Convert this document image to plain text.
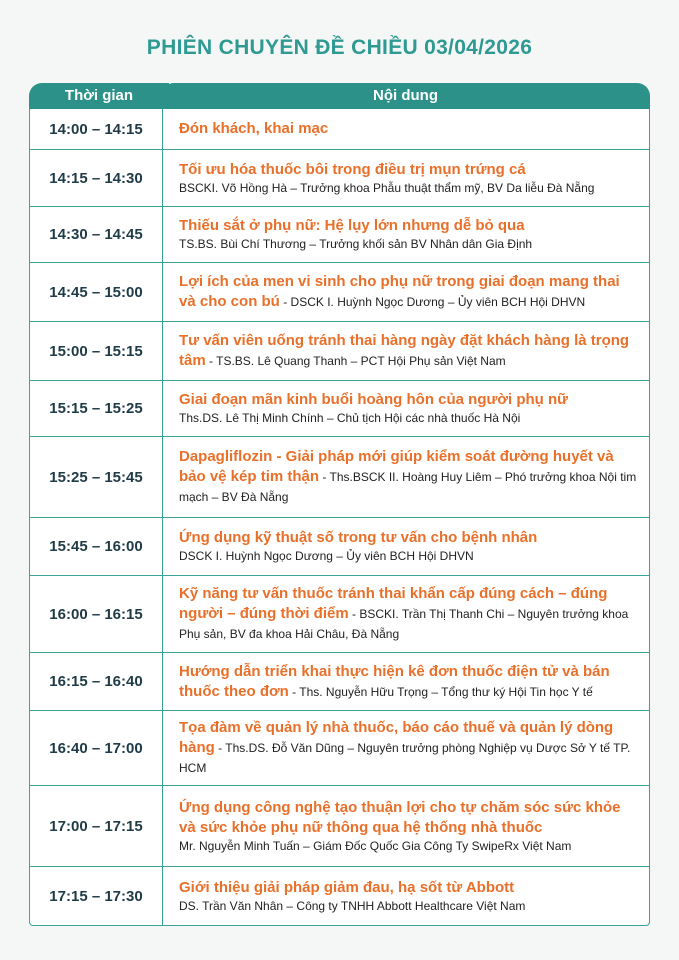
PHIÊN CHUYÊN ĐỀ CHIỀU 03/04/2026
Nội dung
Thời gian
14:00 – 14:15	Đón khách, khai mạc
14:15 – 14:30
Tối ưu hóa thuốc bôi trong điều trị mụn trứng cá
BSCKI. Võ Hồng Hà – Trưởng khoa Phẫu thuật thẩm mỹ, BV Da liễu Đà Nẵng
14:30 – 14:45
Thiếu sắt ở phụ nữ: Hệ lụy lớn nhưng dễ bỏ qua
TS.BS. Bùi Chí Thương – Trưởng khối sản BV Nhân dân Gia Định
14:45 – 15:00
Lợi ích của men vi sinh cho phụ nữ trong giai đoạn mang thai và cho con bú - DSCK I. Huỳnh Ngọc Dương – Ủy viên BCH Hội DHVN
15:00 – 15:15
Tư vấn viên uống tránh thai hàng ngày đặt khách hàng là trọng tâm - TS.BS. Lê Quang Thanh – PCT Hội Phụ sản Việt Nam
15:15 – 15:25
Giai đoạn mãn kinh buổi hoàng hôn của người phụ nữ
Ths.DS. Lê Thị Minh Chính – Chủ tịch Hội các nhà thuốc Hà Nội
15:25 – 15:45
Dapagliflozin - Giải pháp mới giúp kiểm soát đường huyết và bảo vệ kép tim thận - Ths.BSCK II. Hoàng Huy Liêm – Phó trưởng khoa Nội tim mạch – BV Đà Nẵng
15:45 – 16:00
Ứng dụng kỹ thuật số trong tư vấn cho bệnh nhân
DSCK I. Huỳnh Ngọc Dương – Ủy viên BCH Hội DHVN
16:00 – 16:15
Kỹ năng tư vấn thuốc tránh thai khẩn cấp đúng cách – đúng người – đúng thời điểm - BSCKI. Trần Thị Thanh Chi – Nguyên trưởng khoa Phụ sản, BV đa khoa Hải Châu, Đà Nẵng
16:15 – 16:40
Hướng dẫn triển khai thực hiện kê đơn thuốc điện tử và bán thuốc theo đơn - Ths. Nguyễn Hữu Trọng – Tổng thư ký Hội Tin học Y tế
16:40 – 17:00
Tọa đàm về quản lý nhà thuốc, báo cáo thuế và quản lý dòng hàng - Ths.DS. Đỗ Văn Dũng – Nguyên trưởng phòng Nghiệp vụ Dược Sở Y tế TP. HCM
17:00 – 17:15
Ứng dụng công nghệ tạo thuận lợi cho tự chăm sóc sức khỏe và sức khỏe phụ nữ thông qua hệ thống nhà thuốc
Mr. Nguyễn Minh Tuấn – Giám Đốc Quốc Gia Công Ty SwipeRx Việt Nam
17:15 – 17:30
Giới thiệu giải pháp giảm đau, hạ sốt từ Abbott
DS. Trần Văn Nhân – Công ty TNHH Abbott Healthcare Việt Nam
